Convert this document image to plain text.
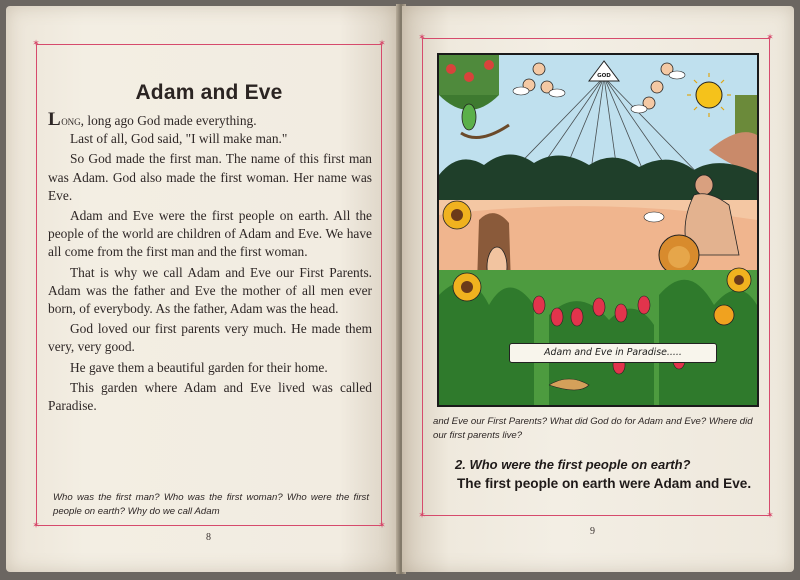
✶	✶
✶	✶
Adam and Eve

Long, long ago God made everything.

Last of all, God said, "I will make man."

So God made the first man. The name of this first man was Adam. God also made the first woman. Her name was Eve.

Adam and Eve were the first people on earth. All the people of the world are children of Adam and Eve. We have all come from the first man and the first woman.

That is why we call Adam and Eve our First Parents. Adam was the father and Eve the mother of all men ever born, of everybody. As the father, Adam was the head.

God loved our first parents very much. He made them very, very good.

He gave them a beautiful garden for their home.

This garden where Adam and Eve lived was called Paradise.

Who was the first man? Who was the first woman? Who were the first people on earth? Why do we call Adam
8
✶	✶
✶	✶
GOD
Adam and Eve in Paradise.....
and Eve our First Parents? What did God do for Adam and Eve? Where did our first parents live?
2. Who were the first people on earth?
The first people on earth were Adam and Eve.
9
